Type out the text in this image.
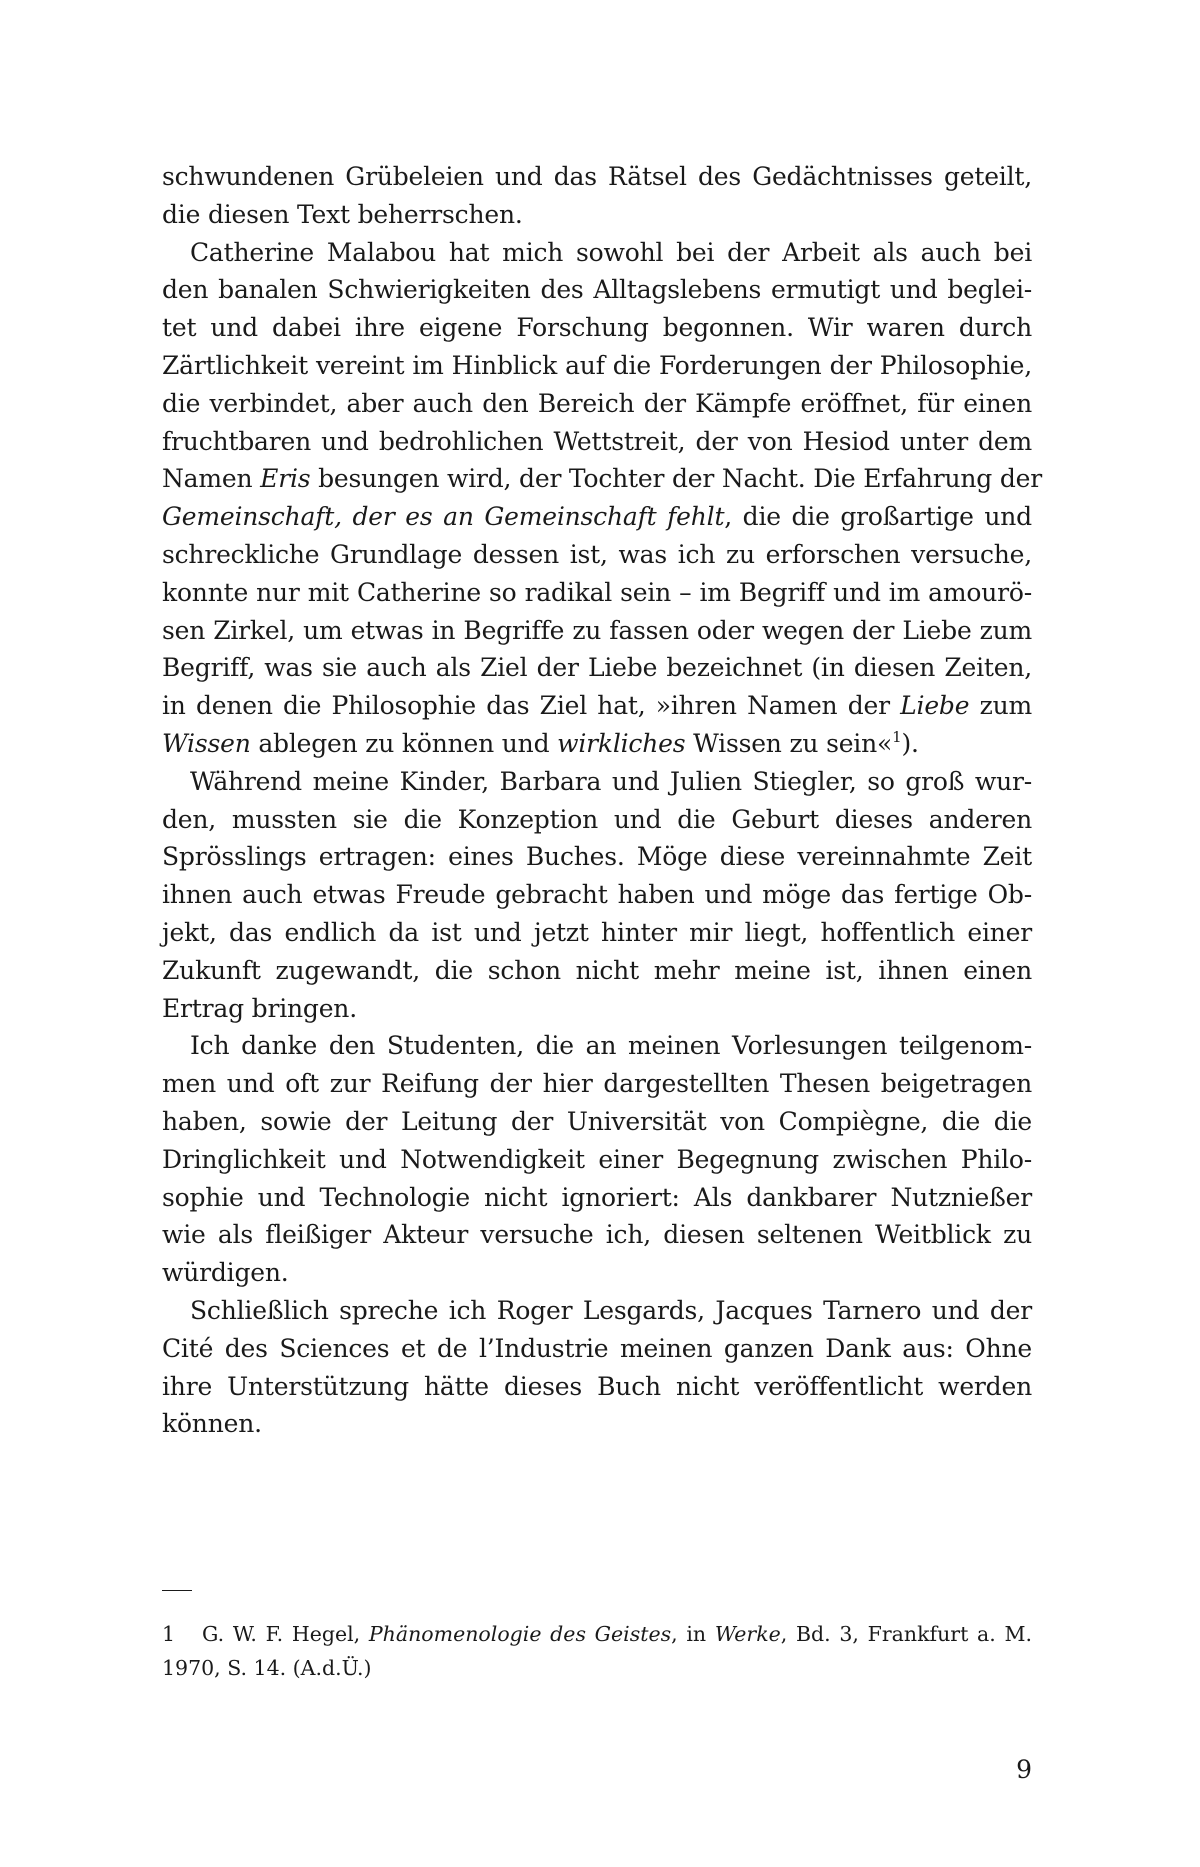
schwundenen Grübeleien und das Rätsel des Gedächtnisses geteilt,
die diesen Text beherrschen.

Catherine Malabou hat mich sowohl bei der Arbeit als auch bei
den banalen Schwierigkeiten des Alltagslebens ermutigt und beglei-
tet und dabei ihre eigene Forschung begonnen. Wir waren durch
Zärtlichkeit vereint im Hinblick auf die Forderungen der Philosophie,
die verbindet, aber auch den Bereich der Kämpfe eröffnet, für einen
fruchtbaren und bedrohlichen Wettstreit, der von Hesiod unter dem
Namen Eris besungen wird, der Tochter der Nacht. Die Erfahrung der
Gemeinschaft, der es an Gemeinschaft fehlt, die die großartige und
schreckliche Grundlage dessen ist, was ich zu erforschen versuche,
konnte nur mit Catherine so radikal sein – im Begriff und im amourö-
sen Zirkel, um etwas in Begriffe zu fassen oder wegen der Liebe zum
Begriff, was sie auch als Ziel der Liebe bezeichnet (in diesen Zeiten,
in denen die Philosophie das Ziel hat, »ihren Namen der Liebe zum
Wissen ablegen zu können und wirkliches Wissen zu sein«$^1$).

Während meine Kinder, Barbara und Julien Stiegler, so groß wur-
den, mussten sie die Konzeption und die Geburt dieses anderen
Sprösslings ertragen: eines Buches. Möge diese vereinnahmte Zeit
ihnen auch etwas Freude gebracht haben und möge das fertige Ob-
jekt, das endlich da ist und jetzt hinter mir liegt, hoffentlich einer
Zukunft zugewandt, die schon nicht mehr meine ist, ihnen einen
Ertrag bringen.

Ich danke den Studenten, die an meinen Vorlesungen teilgenom-
men und oft zur Reifung der hier dargestellten Thesen beigetragen
haben, sowie der Leitung der Universität von Compiègne, die die
Dringlichkeit und Notwendigkeit einer Begegnung zwischen Philo-
sophie und Technologie nicht ignoriert: Als dankbarer Nutznießer
wie als fleißiger Akteur versuche ich, diesen seltenen Weitblick zu
würdigen.

Schließlich spreche ich Roger Lesgards, Jacques Tarnero und der
Cité des Sciences et de l’Industrie meinen ganzen Dank aus: Ohne
ihre Unterstützung hätte dieses Buch nicht veröffentlicht werden
können.

1 G. W. F. Hegel, Phänomenologie des Geistes, in Werke, Bd. 3, Frankfurt a. M.
1970, S. 14. (A.d.Ü.)
9
